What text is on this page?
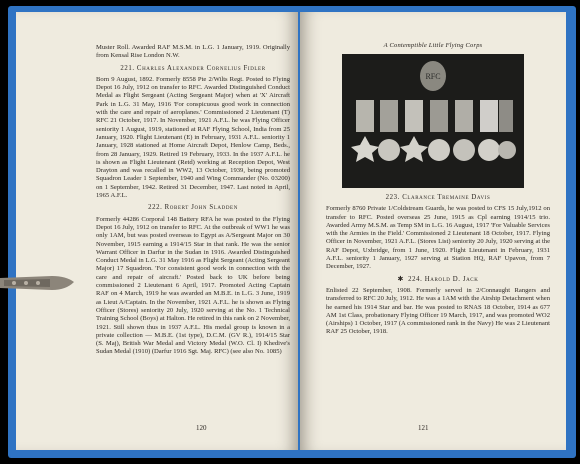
Muster Roll. Awarded RAF M.S.M. in L.G. 1 January, 1919. Originally from Kensal Rise London N.W.

221. Charles Alexander Cornelius Fidler

Born 9 August, 1892. Formerly 8558 Pte 2/Wilts Regt. Posted to Flying Depot 16 July, 1912 on transfer to RFC. Awarded Distinguished Conduct Medal as Flight Sergeant (Acting Sergeant Major) when at 'X' Aircraft Park in L.G. 31 May, 1916 'For conspicuous good work in connection with the care and repair of aeroplanes.' Commissioned 2 Lieutenant (T) RFC 21 October, 1917. In November, 1921 A.F.L. he was Flying Officer seniority 1 August, 1919, stationed at RAF Flying School, India from 25 January, 1920. Flight Lieutenant (E) in February, 1931 A.F.L. seniority 1 January, 1928 stationed at Home Aircraft Depot, Henlow Camp, Beds., from 28 January, 1929. Retired 19 February, 1933. In the 1937 A.F.L. he is shown as Flight Lieutenant (Retd) working at Reception Depot, West Drayton and was recalled in WW2, 13 October, 1939, being promoted Squadron Leader 1 September, 1940 and Wing Commander (No. 03200) on 1 September, 1942. Retired 31 December, 1947. Last noted in April, 1965 A.F.L.

222. Robert John Sladden

Formerly 44286 Corporal 148 Battery RFA he was posted to the Flying Depot 16 July, 1912 on transfer to RFC. At the outbreak of WW1 he was only 1AM, but was posted overseas to Egypt as A/Sergeant Major on 30 November, 1915 earning a 1914/15 Star in that rank. He was the senior Warrant Officer in Darfur in the Sudan in 1916. Awarded Distinguished Conduct Medal in L.G. 31 May 1916 as Flight Sergeant (Acting Sergeant Major) 17 Squadron. 'For consistent good work in connection with the care and repair of aircraft.' Posted back to UK before being commissioned 2 Lieutenant 6 April, 1917. Promoted Acting Captain RAF on 4 March, 1919 he was awarded an M.B.E. in L.G. 3 June, 1919 as Lieut A/Captain. In the November, 1921 A.F.L. he is shown as Flying Officer (Stores) seniority 20 July, 1920 serving at the No. 1 Technical Training School (Boys) at Halton. He retired in this rank on 2 November, 1921. Still shown thus in 1937 A.F.L. His medal group is known in a private collection — M.B.E. (1st type), D.C.M. (GV R.), 1914/15 Star (S. Maj), British War Medal and Victory Medal (W.O. Cl. I) Khedive's Sudan Medal (1910) (Darfur 1916 Sgt. Maj. RFC) (see also No. 1085)

120
A Contemptible Little Flying Corps
RFC
223. Clarance Tremaine Davis

Formerly 8760 Private 1/Coldstream Guards, he was posted to CFS 15 July,1912 on transfer to RFC. Posted overseas 25 June, 1915 as Cpl earning 1914/15 trio. Awarded Army M.S.M. as Temp SM in L.G. 16 August, 1917 'For Valuable Services with the Armies in the Field.' Commissioned 2 Lieutenant 18 October, 1917. Flying Officer in November, 1921 A.F.L. (Stores List) seniority 20 July, 1920 serving at the RAF Depot, Uxbridge, from 1 June, 1920. Flight Lieutenant in February, 1931 A.F.L. seniority 1 January, 1927 serving at Station HQ, RAF Upavon, from 7 December, 1927.

✱ 224. Harold D. Jack

Enlisted 22 September, 1908. Formerly served in 2/Connaught Rangers and transferred to RFC 20 July, 1912. He was a 1AM with the Airship Detachment when he earned his 1914 Star and bar. He was posted to RNAS 18 October, 1914 as 677 AM 1st Class, probationary Flying Officer 19 March, 1917, and was promoted WO2 (Airships) 1 October, 1917 (A commissioned rank in the Navy) He was 2 Lieutenant RAF 25 October, 1918.

121
